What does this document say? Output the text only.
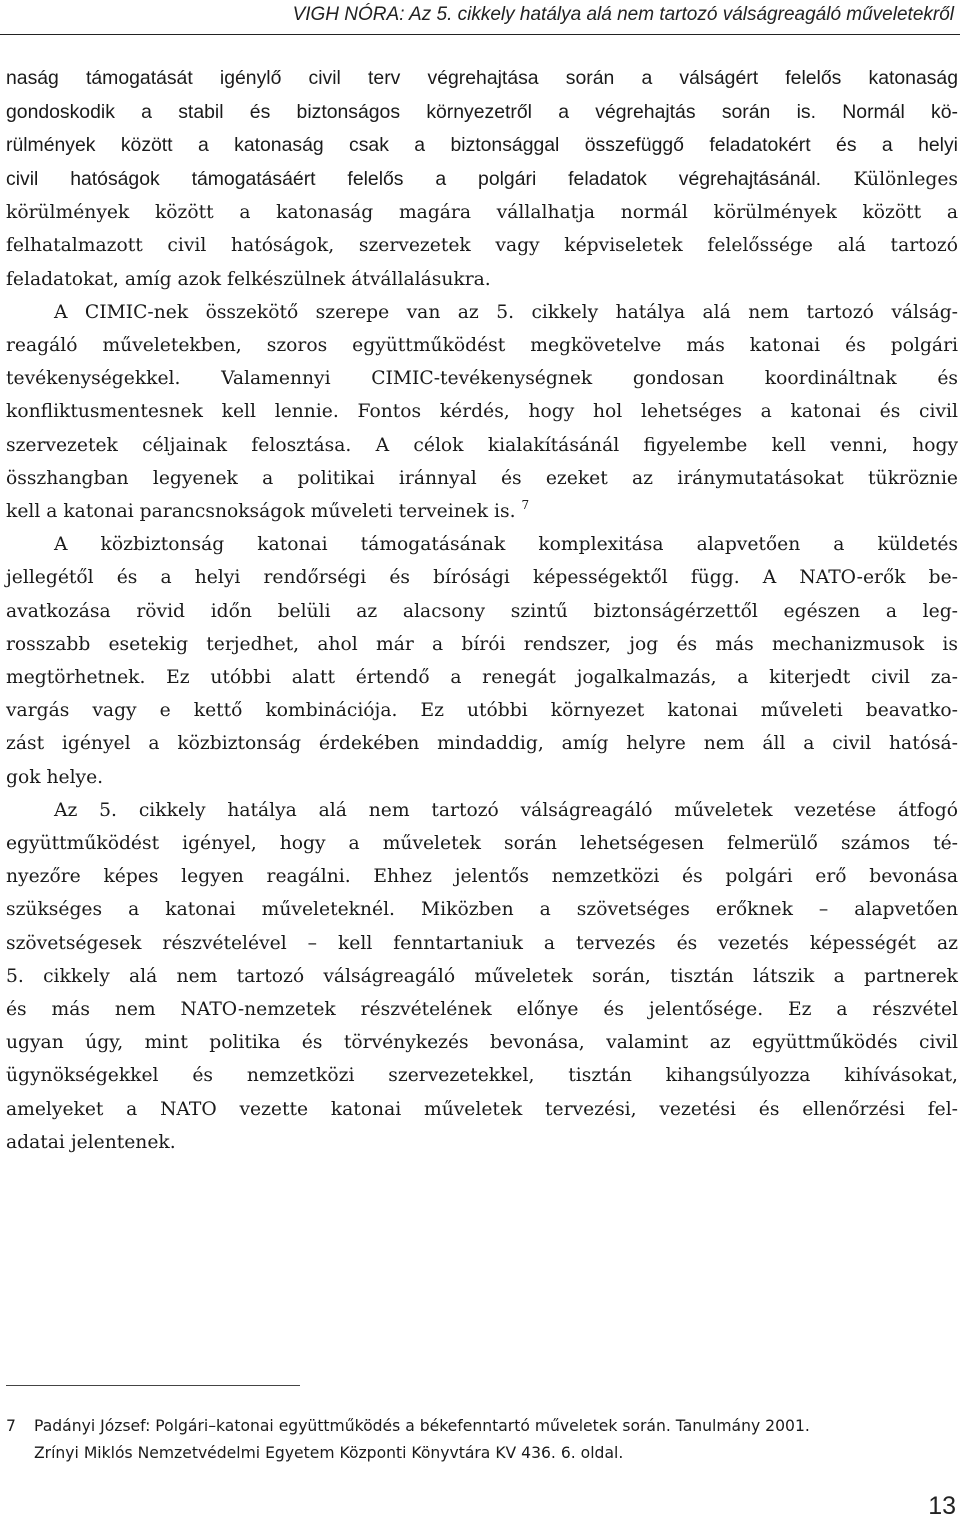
VIGH NÓRA: Az 5. cikkely hatálya alá nem tartozó válságreagáló műveletekről
naság támogatását igénylő civil terv végrehajtása során a válságért felelős katonaság
gondoskodik a stabil és biztonságos környezetről a végrehajtás során is. Normál kö-
rülmények között a katonaság csak a biztonsággal összefüggő feladatokért és a helyi
civil hatóságok támogatásáért felelős a polgári feladatok végrehajtásánál. Különleges
körülmények között a katonaság magára vállalhatja normál körülmények között a
felhatalmazott civil hatóságok, szervezetek vagy képviseletek felelőssége alá tartozó
feladatokat, amíg azok felkészülnek átvállalásukra.
A CIMIC-nek összekötő szerepe van az 5. cikkely hatálya alá nem tartozó válság-
reagáló műveletekben, szoros együttműködést megkövetelve más katonai és polgári
tevékenységekkel. Valamennyi CIMIC-tevékenységnek gondosan koordináltnak és
konfliktusmentesnek kell lennie. Fontos kérdés, hogy hol lehetséges a katonai és civil
szervezetek céljainak felosztása. A célok kialakításánál figyelembe kell venni, hogy
összhangban legyenek a politikai iránnyal és ezeket az iránymutatásokat tükröznie
kell a katonai parancsnokságok műveleti terveinek is. $^7$
A közbiztonság katonai támogatásának komplexitása alapvetően a küldetés
jellegétől és a helyi rendőrségi és bírósági képességektől függ. A NATO-erők be-
avatkozása rövid időn belüli az alacsony szintű biztonságérzettől egészen a leg-
rosszabb esetekig terjedhet, ahol már a bírói rendszer, jog és más mechanizmusok is
megtörhetnek. Ez utóbbi alatt értendő a renegát jogalkalmazás, a kiterjedt civil za-
vargás vagy e kettő kombinációja. Ez utóbbi környezet katonai műveleti beavatko-
zást igényel a közbiztonság érdekében mindaddig, amíg helyre nem áll a civil hatósá-
gok helye.
Az 5. cikkely hatálya alá nem tartozó válságreagáló műveletek vezetése átfogó
együttműködést igényel, hogy a műveletek során lehetségesen felmerülő számos té-
nyezőre képes legyen reagálni. Ehhez jelentős nemzetközi és polgári erő bevonása
szükséges a katonai műveleteknél. Miközben a szövetséges erőknek – alapvetően
szövetségesek részvételével – kell fenntartaniuk a tervezés és vezetés képességét az
5. cikkely alá nem tartozó válságreagáló műveletek során, tisztán látszik a partnerek
és más nem NATO-nemzetek részvételének előnye és jelentősége. Ez a részvétel
ugyan úgy, mint politika és törvénykezés bevonása, valamint az együttműködés civil
ügynökségekkel és nemzetközi szervezetekkel, tisztán kihangsúlyozza kihívásokat,
amelyeket a NATO vezette katonai műveletek tervezési, vezetési és ellenőrzési fel-
adatai jelentenek.
7 Padányi József: Polgári–katonai együttműködés a békefenntartó műveletek során. Tanulmány 2001.
Zrínyi Miklós Nemzetvédelmi Egyetem Központi Könyvtára KV 436. 6. oldal.
13
